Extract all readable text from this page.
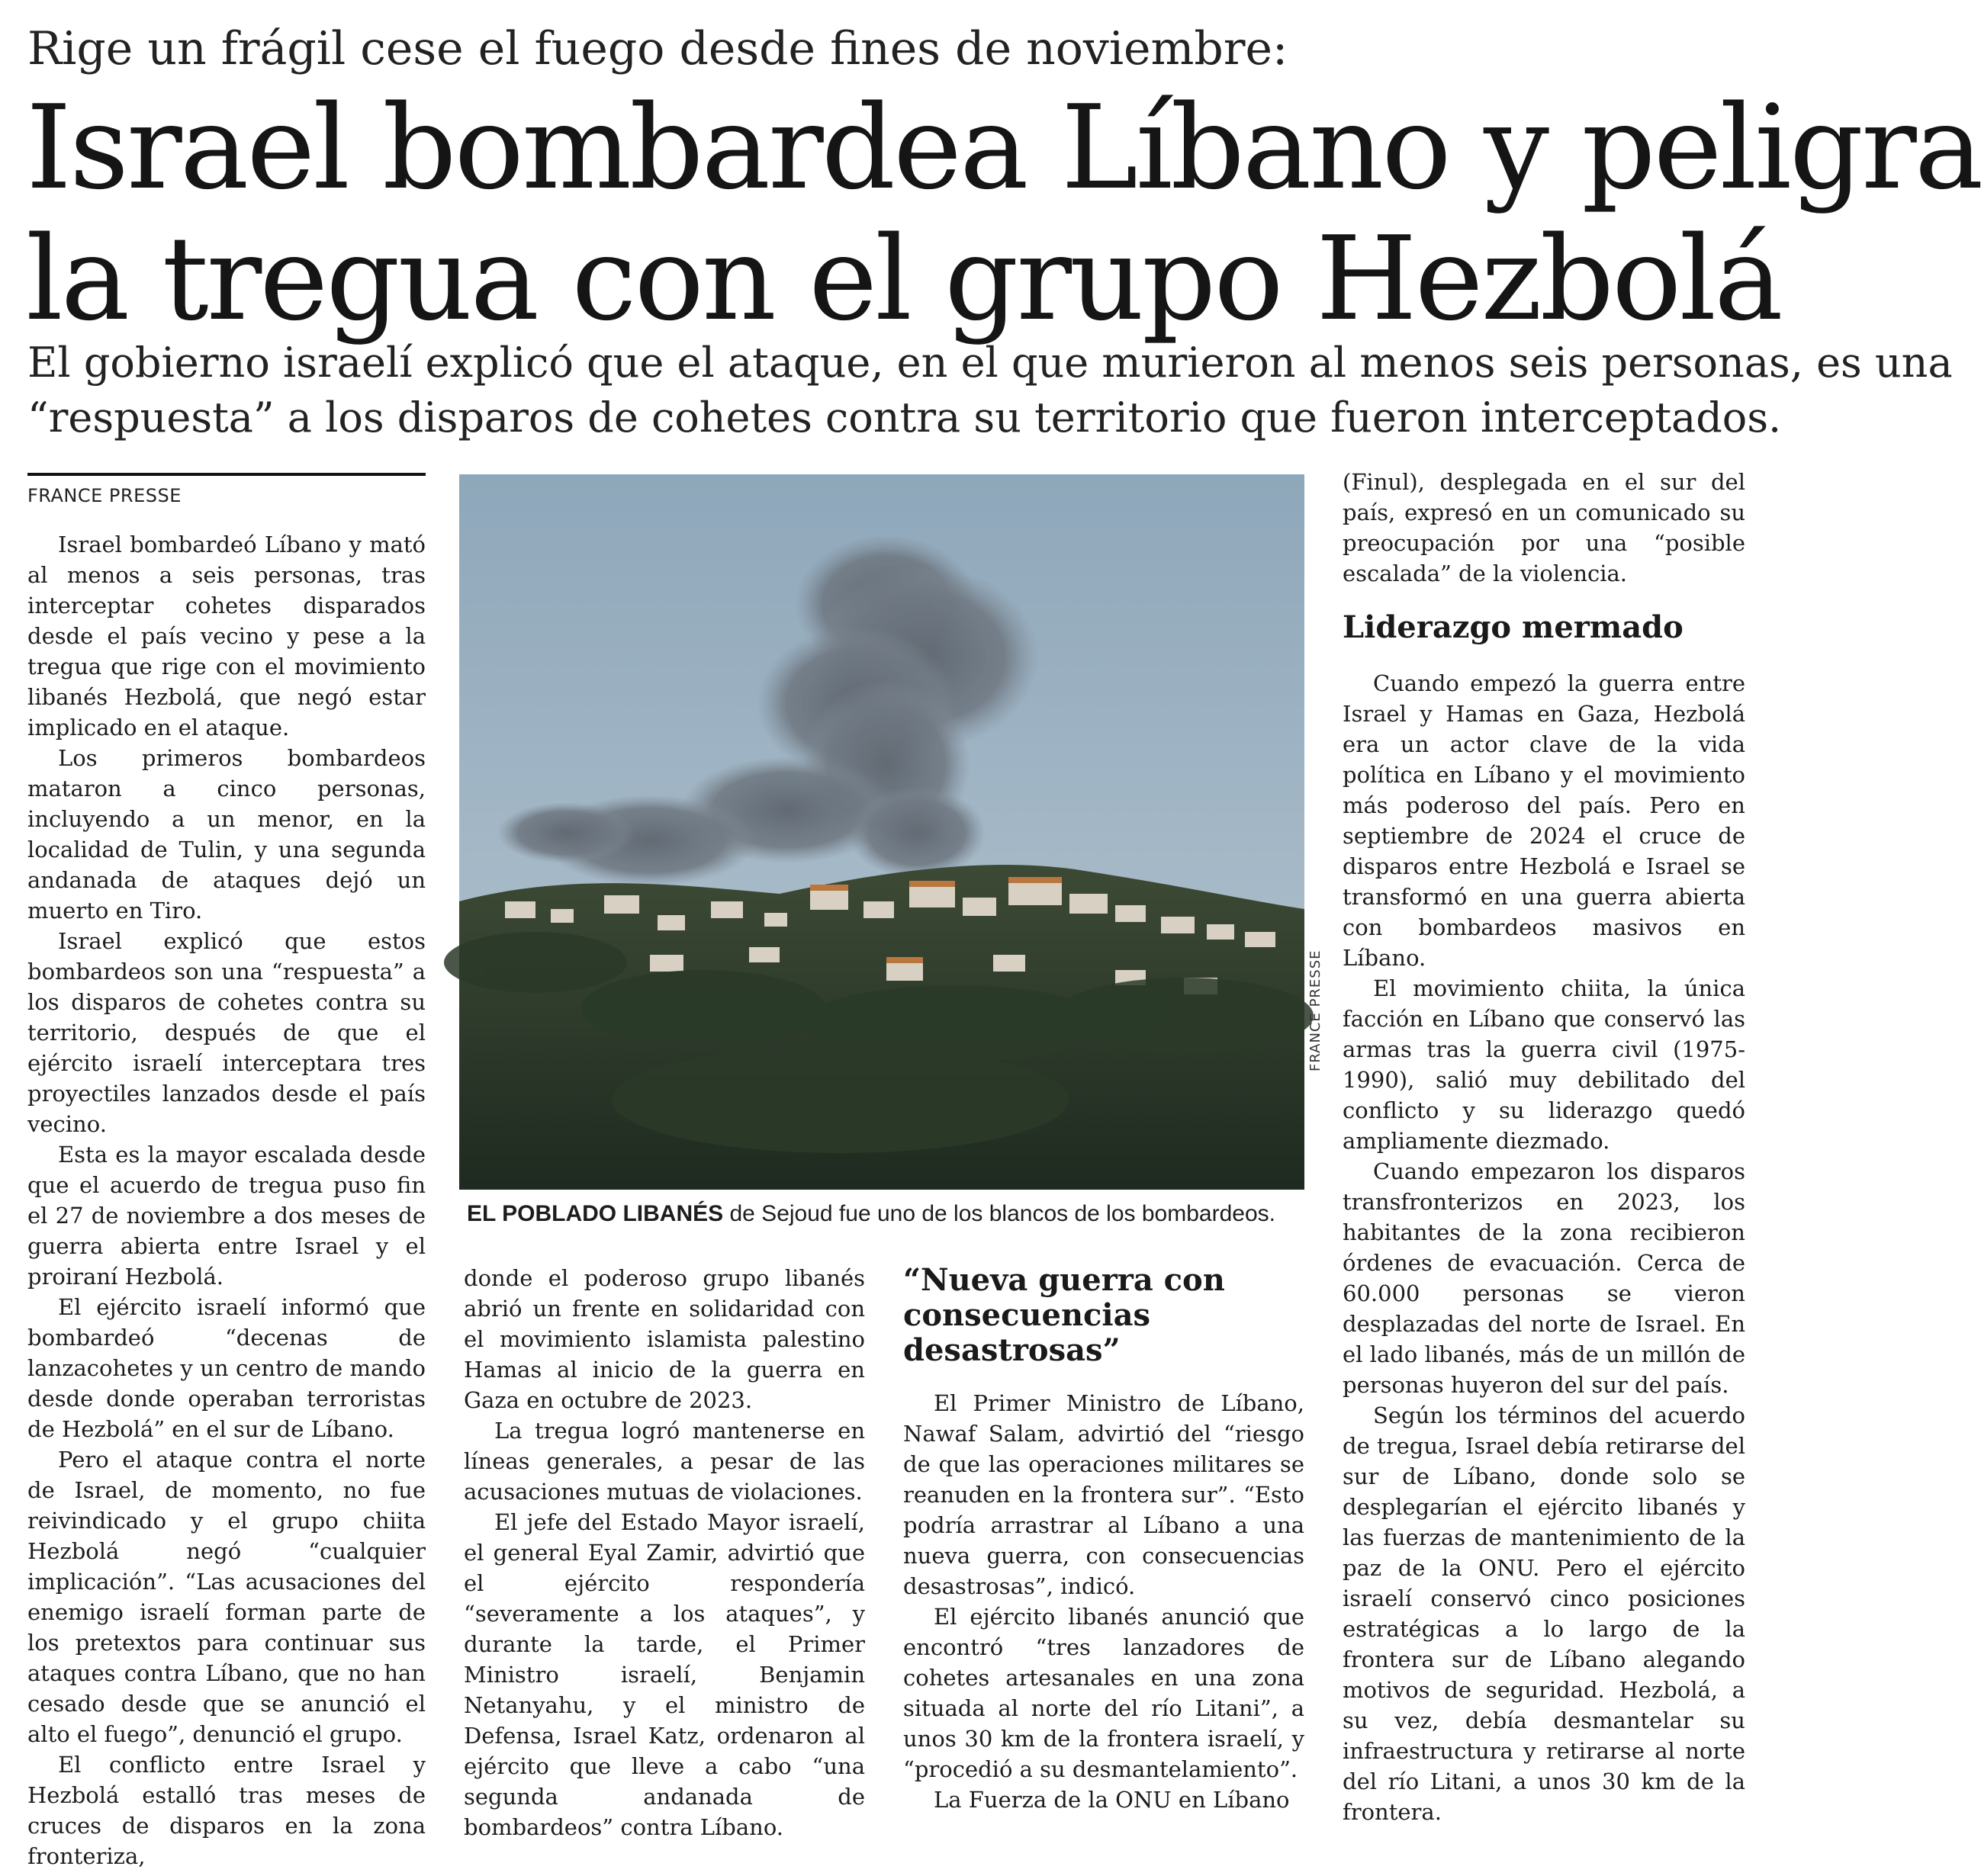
Rige un frágil cese el fuego desde fines de noviembre:
Israel bombardea Líbano y peligra
la tregua con el grupo Hezbolá
El gobierno israelí explicó que el ataque, en el que murieron al menos seis personas, es una
“respuesta” a los disparos de cohetes contra su territorio que fueron interceptados.
FRANCE PRESSE

Israel bombardeó Líbano y mató al menos a seis personas, tras interceptar cohetes disparados desde el país vecino y pese a la tregua que rige con el movimiento libanés Hezbolá, que negó estar implicado en el ataque.

Los primeros bombardeos mataron a cinco personas, incluyendo a un menor, en la localidad de Tulin, y una segunda andanada de ataques dejó un muerto en Tiro.

Israel explicó que estos bombardeos son una “respuesta” a los disparos de cohetes contra su territorio, después de que el ejército israelí interceptara tres proyectiles lanzados desde el país vecino.

Esta es la mayor escalada desde que el acuerdo de tregua puso fin el 27 de noviembre a dos meses de guerra abierta entre Israel y el proiraní Hezbolá.

El ejército israelí informó que bombardeó “decenas de lanzacohetes y un centro de mando desde donde operaban terroristas de Hezbolá” en el sur de Líbano.

Pero el ataque contra el norte de Israel, de momento, no fue reivindicado y el grupo chiita Hezbolá negó “cualquier implicación”. “Las acusaciones del enemigo israelí forman parte de los pretextos para continuar sus ataques contra Líbano, que no han cesado desde que se anunció el alto el fuego”, denunció el grupo.

El conflicto entre Israel y Hezbolá estalló tras meses de cruces de disparos en la zona fronteriza,

FRANCE PRESSE
EL POBLADO LIBANÉS de Sejoud fue uno de los blancos de los bombardeos.

donde el poderoso grupo libanés abrió un frente en solidaridad con el movimiento islamista palestino Hamas al inicio de la guerra en Gaza en octubre de 2023.

La tregua logró mantenerse en líneas generales, a pesar de las acusaciones mutuas de violaciones.

El jefe del Estado Mayor israelí, el general Eyal Zamir, advirtió que el ejército respondería “severamente a los ataques”, y durante la tarde, el Primer Ministro israelí, Benjamin Netanyahu, y el ministro de Defensa, Israel Katz, ordenaron al ejército que lleve a cabo “una segunda andanada de bombardeos” contra Líbano.

“Nueva guerra con consecuencias desastrosas”

El Primer Ministro de Líbano, Nawaf Salam, advirtió del “riesgo de que las operaciones militares se reanuden en la frontera sur”. “Esto podría arrastrar al Líbano a una nueva guerra, con consecuencias desastrosas”, indicó.

El ejército libanés anunció que encontró “tres lanzadores de cohetes artesanales en una zona situada al norte del río Litani”, a unos 30 km de la frontera israelí, y “procedió a su desmantelamiento”.

La Fuerza de la ONU en Líbano

(Finul), desplegada en el sur del país, expresó en un comunicado su preocupación por una “posible escalada” de la violencia.

Liderazgo mermado

Cuando empezó la guerra entre Israel y Hamas en Gaza, Hezbolá era un actor clave de la vida política en Líbano y el movimiento más poderoso del país. Pero en septiembre de 2024 el cruce de disparos entre Hezbolá e Israel se transformó en una guerra abierta con bombardeos masivos en Líbano.

El movimiento chiita, la única facción en Líbano que conservó las armas tras la guerra civil (1975-1990), salió muy debilitado del conflicto y su liderazgo quedó ampliamente diezmado.

Cuando empezaron los disparos transfronterizos en 2023, los habitantes de la zona recibieron órdenes de evacuación. Cerca de 60.000 personas se vieron desplazadas del norte de Israel. En el lado libanés, más de un millón de personas huyeron del sur del país.

Según los términos del acuerdo de tregua, Israel debía retirarse del sur de Líbano, donde solo se desplegarían el ejército libanés y las fuerzas de mantenimiento de la paz de la ONU. Pero el ejército israelí conservó cinco posiciones estratégicas a lo largo de la frontera sur de Líbano alegando motivos de seguridad. Hezbolá, a su vez, debía desmantelar su infraestructura y retirarse al norte del río Litani, a unos 30 km de la frontera.
